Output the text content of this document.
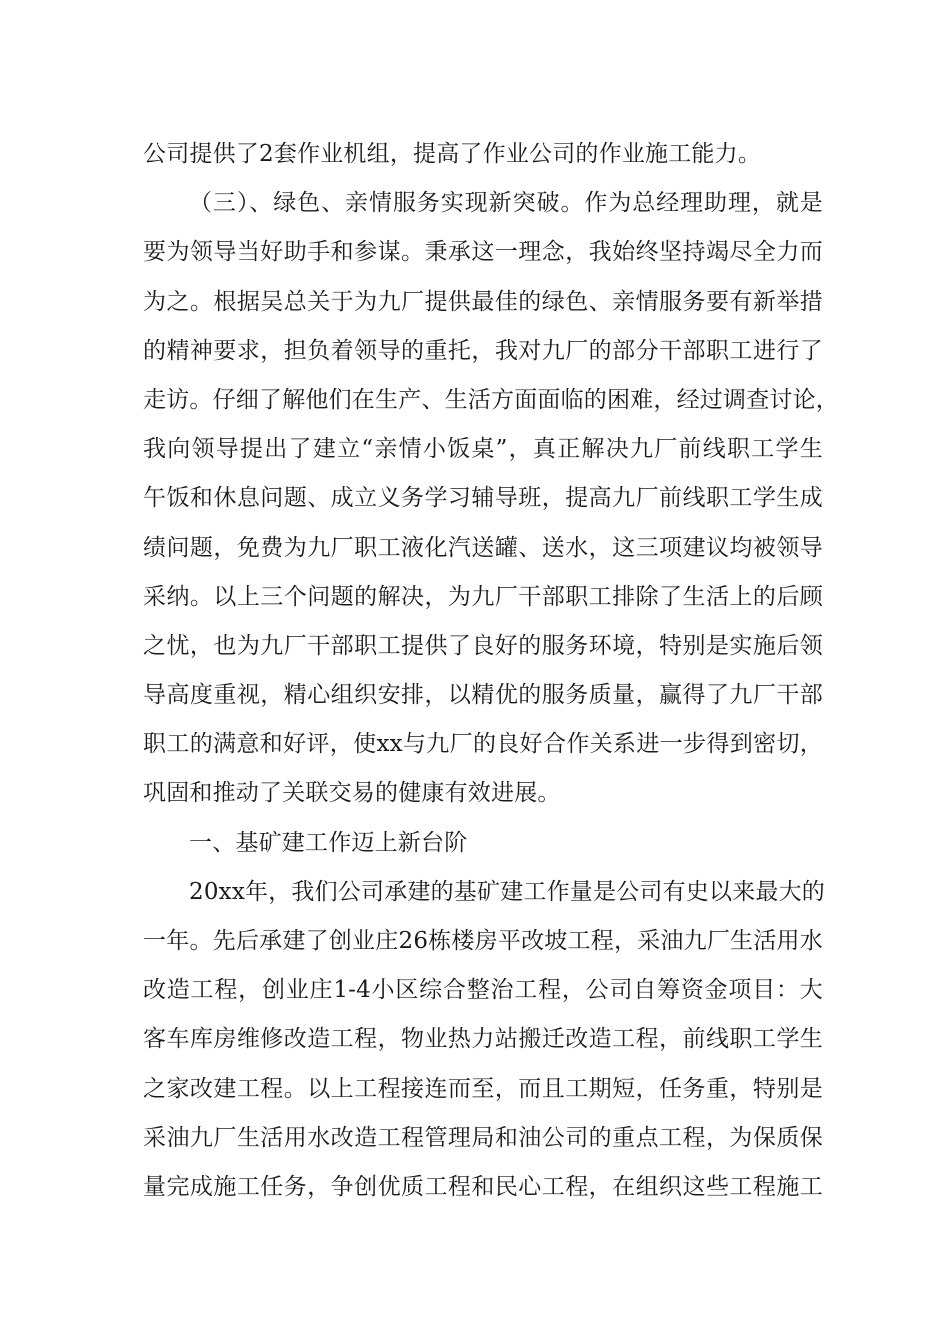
公司提供了2套作业机组，提高了作业公司的作业施工能力。
（三）、绿色、亲情服务实现新突破。作为总经理助理，就是
要为领导当好助手和参谋。秉承这一理念，我始终坚持竭尽全力而
为之。根据吴总关于为九厂提供最佳的绿色、亲情服务要有新举措
的精神要求，担负着领导的重托，我对九厂的部分干部职工进行了
走访。仔细了解他们在生产、生活方面面临的困难，经过调查讨论，
我向领导提出了建立“亲情小饭桌”，真正解决九厂前线职工学生
午饭和休息问题、成立义务学习辅导班，提高九厂前线职工学生成
绩问题，免费为九厂职工液化汽送罐、送水，这三项建议均被领导
采纳。以上三个问题的解决，为九厂干部职工排除了生活上的后顾
之忧，也为九厂干部职工提供了良好的服务环境，特别是实施后领
导高度重视，精心组织安排，以精优的服务质量，赢得了九厂干部
职工的满意和好评，使xx与九厂的良好合作关系进一步得到密切，
巩固和推动了关联交易的健康有效进展。
一、基矿建工作迈上新台阶
20xx年，我们公司承建的基矿建工作量是公司有史以来最大的
一年。先后承建了创业庄26栋楼房平改坡工程，采油九厂生活用水
改造工程，创业庄1-4小区综合整治工程，公司自筹资金项目：大
客车库房维修改造工程，物业热力站搬迁改造工程，前线职工学生
之家改建工程。以上工程接连而至，而且工期短，任务重，特别是
采油九厂生活用水改造工程管理局和油公司的重点工程，为保质保
量完成施工任务，争创优质工程和民心工程，在组织这些工程施工
